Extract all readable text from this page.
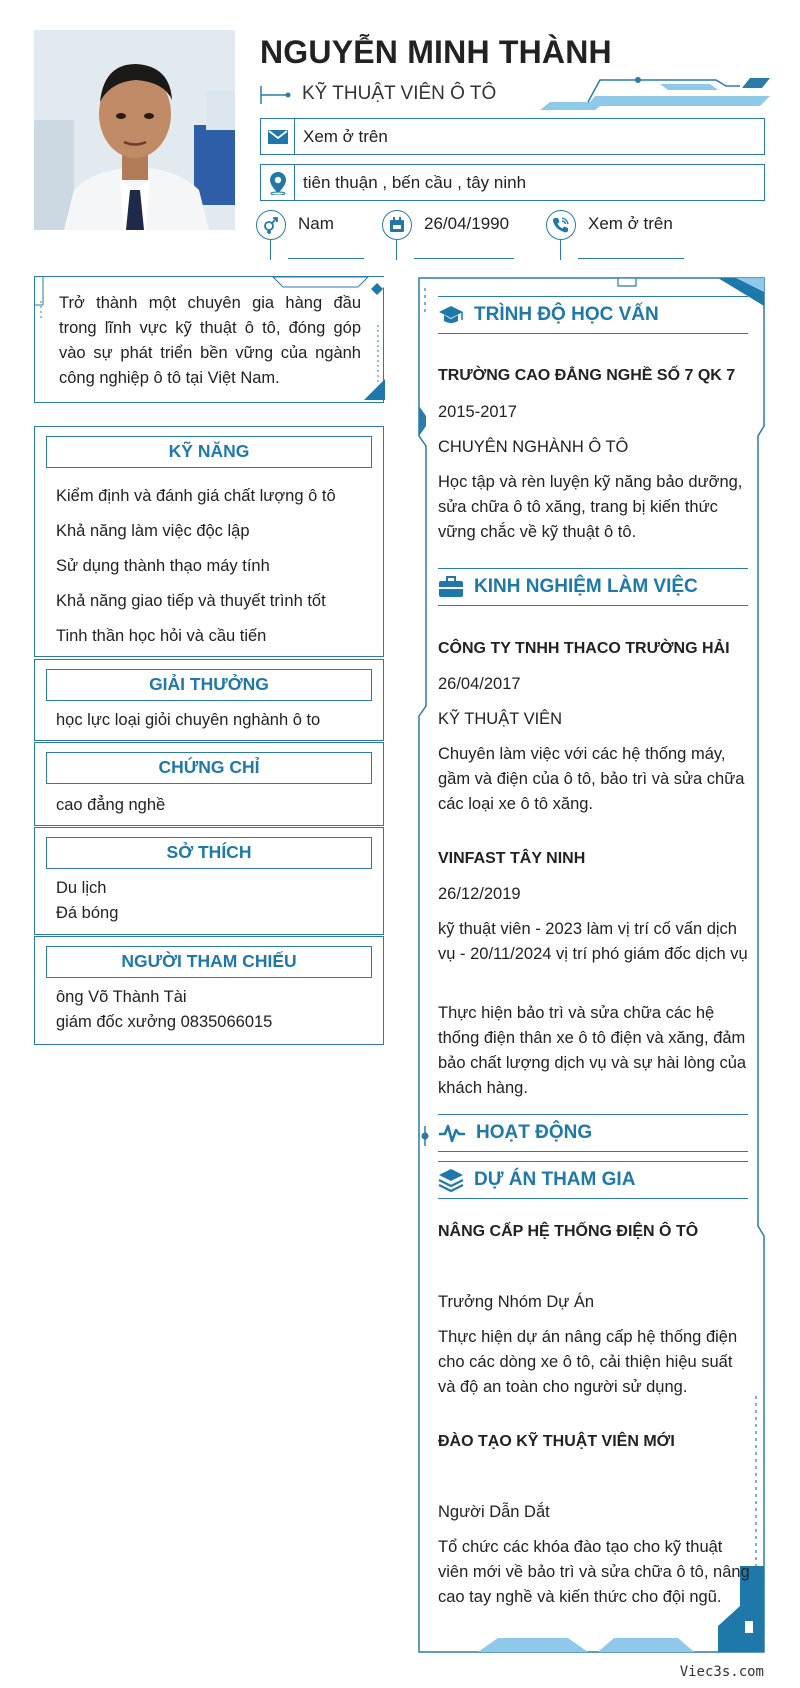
NGUYỄN MINH THÀNH
KỸ THUẬT VIÊN Ô TÔ
Xem ở trên
tiên thuận , bến cầu , tây ninh
Nam	26/04/1990	Xem ở trên

Trở thành một chuyên gia hàng đầu trong lĩnh vực kỹ thuật ô tô, đóng góp vào sự phát triển bền vững của ngành công nghiệp ô tô tại Việt Nam.

KỸ NĂNG
Kiểm định và đánh giá chất lượng ô tô
Khả năng làm việc độc lập
Sử dụng thành thạo máy tính
Khả năng giao tiếp và thuyết trình tốt
Tinh thần học hỏi và cầu tiến
GIẢI THƯỞNG
học lực loại giỏi chuyên nghành ô to
CHỨNG CHỈ
cao đẳng nghề
SỞ THÍCH
Du lịch
Đá bóng
NGƯỜI THAM CHIẾU
ông Võ Thành Tài
giám đốc xưởng 0835066015
TRÌNH ĐỘ HỌC VẤN
TRƯỜNG CAO ĐẲNG NGHỀ SỐ 7 QK 7
2015-2017
CHUYÊN NGHÀNH Ô TÔ
Học tập và rèn luyện kỹ năng bảo dưỡng, sửa chữa ô tô xăng, trang bị kiến thức vững chắc về kỹ thuật ô tô.
KINH NGHIỆM LÀM VIỆC
CÔNG TY TNHH THACO TRƯỜNG HẢI
26/04/2017
KỸ THUẬT VIÊN
Chuyên làm việc với các hệ thống máy, gầm và điện của ô tô, bảo trì và sửa chữa các loại xe ô tô xăng.
VINFAST TÂY NINH
26/12/2019
kỹ thuật viên - 2023 làm vị trí cố vấn dịch vụ - 20/11/2024 vị trí phó giám đốc dịch vụ
Thực hiện bảo trì và sửa chữa các hệ thống điện thân xe ô tô điện và xăng, đảm bảo chất lượng dịch vụ và sự hài lòng của khách hàng.
HOẠT ĐỘNG
DỰ ÁN THAM GIA
NÂNG CẤP HỆ THỐNG ĐIỆN Ô TÔ
Trưởng Nhóm Dự Án
Thực hiện dự án nâng cấp hệ thống điện cho các dòng xe ô tô, cải thiện hiệu suất và độ an toàn cho người sử dụng.
ĐÀO TẠO KỸ THUẬT VIÊN MỚI
Người Dẫn Dắt
Tổ chức các khóa đào tạo cho kỹ thuật viên mới về bảo trì và sửa chữa ô tô, nâng cao tay nghề và kiến thức cho đội ngũ.
Viec3s.com
